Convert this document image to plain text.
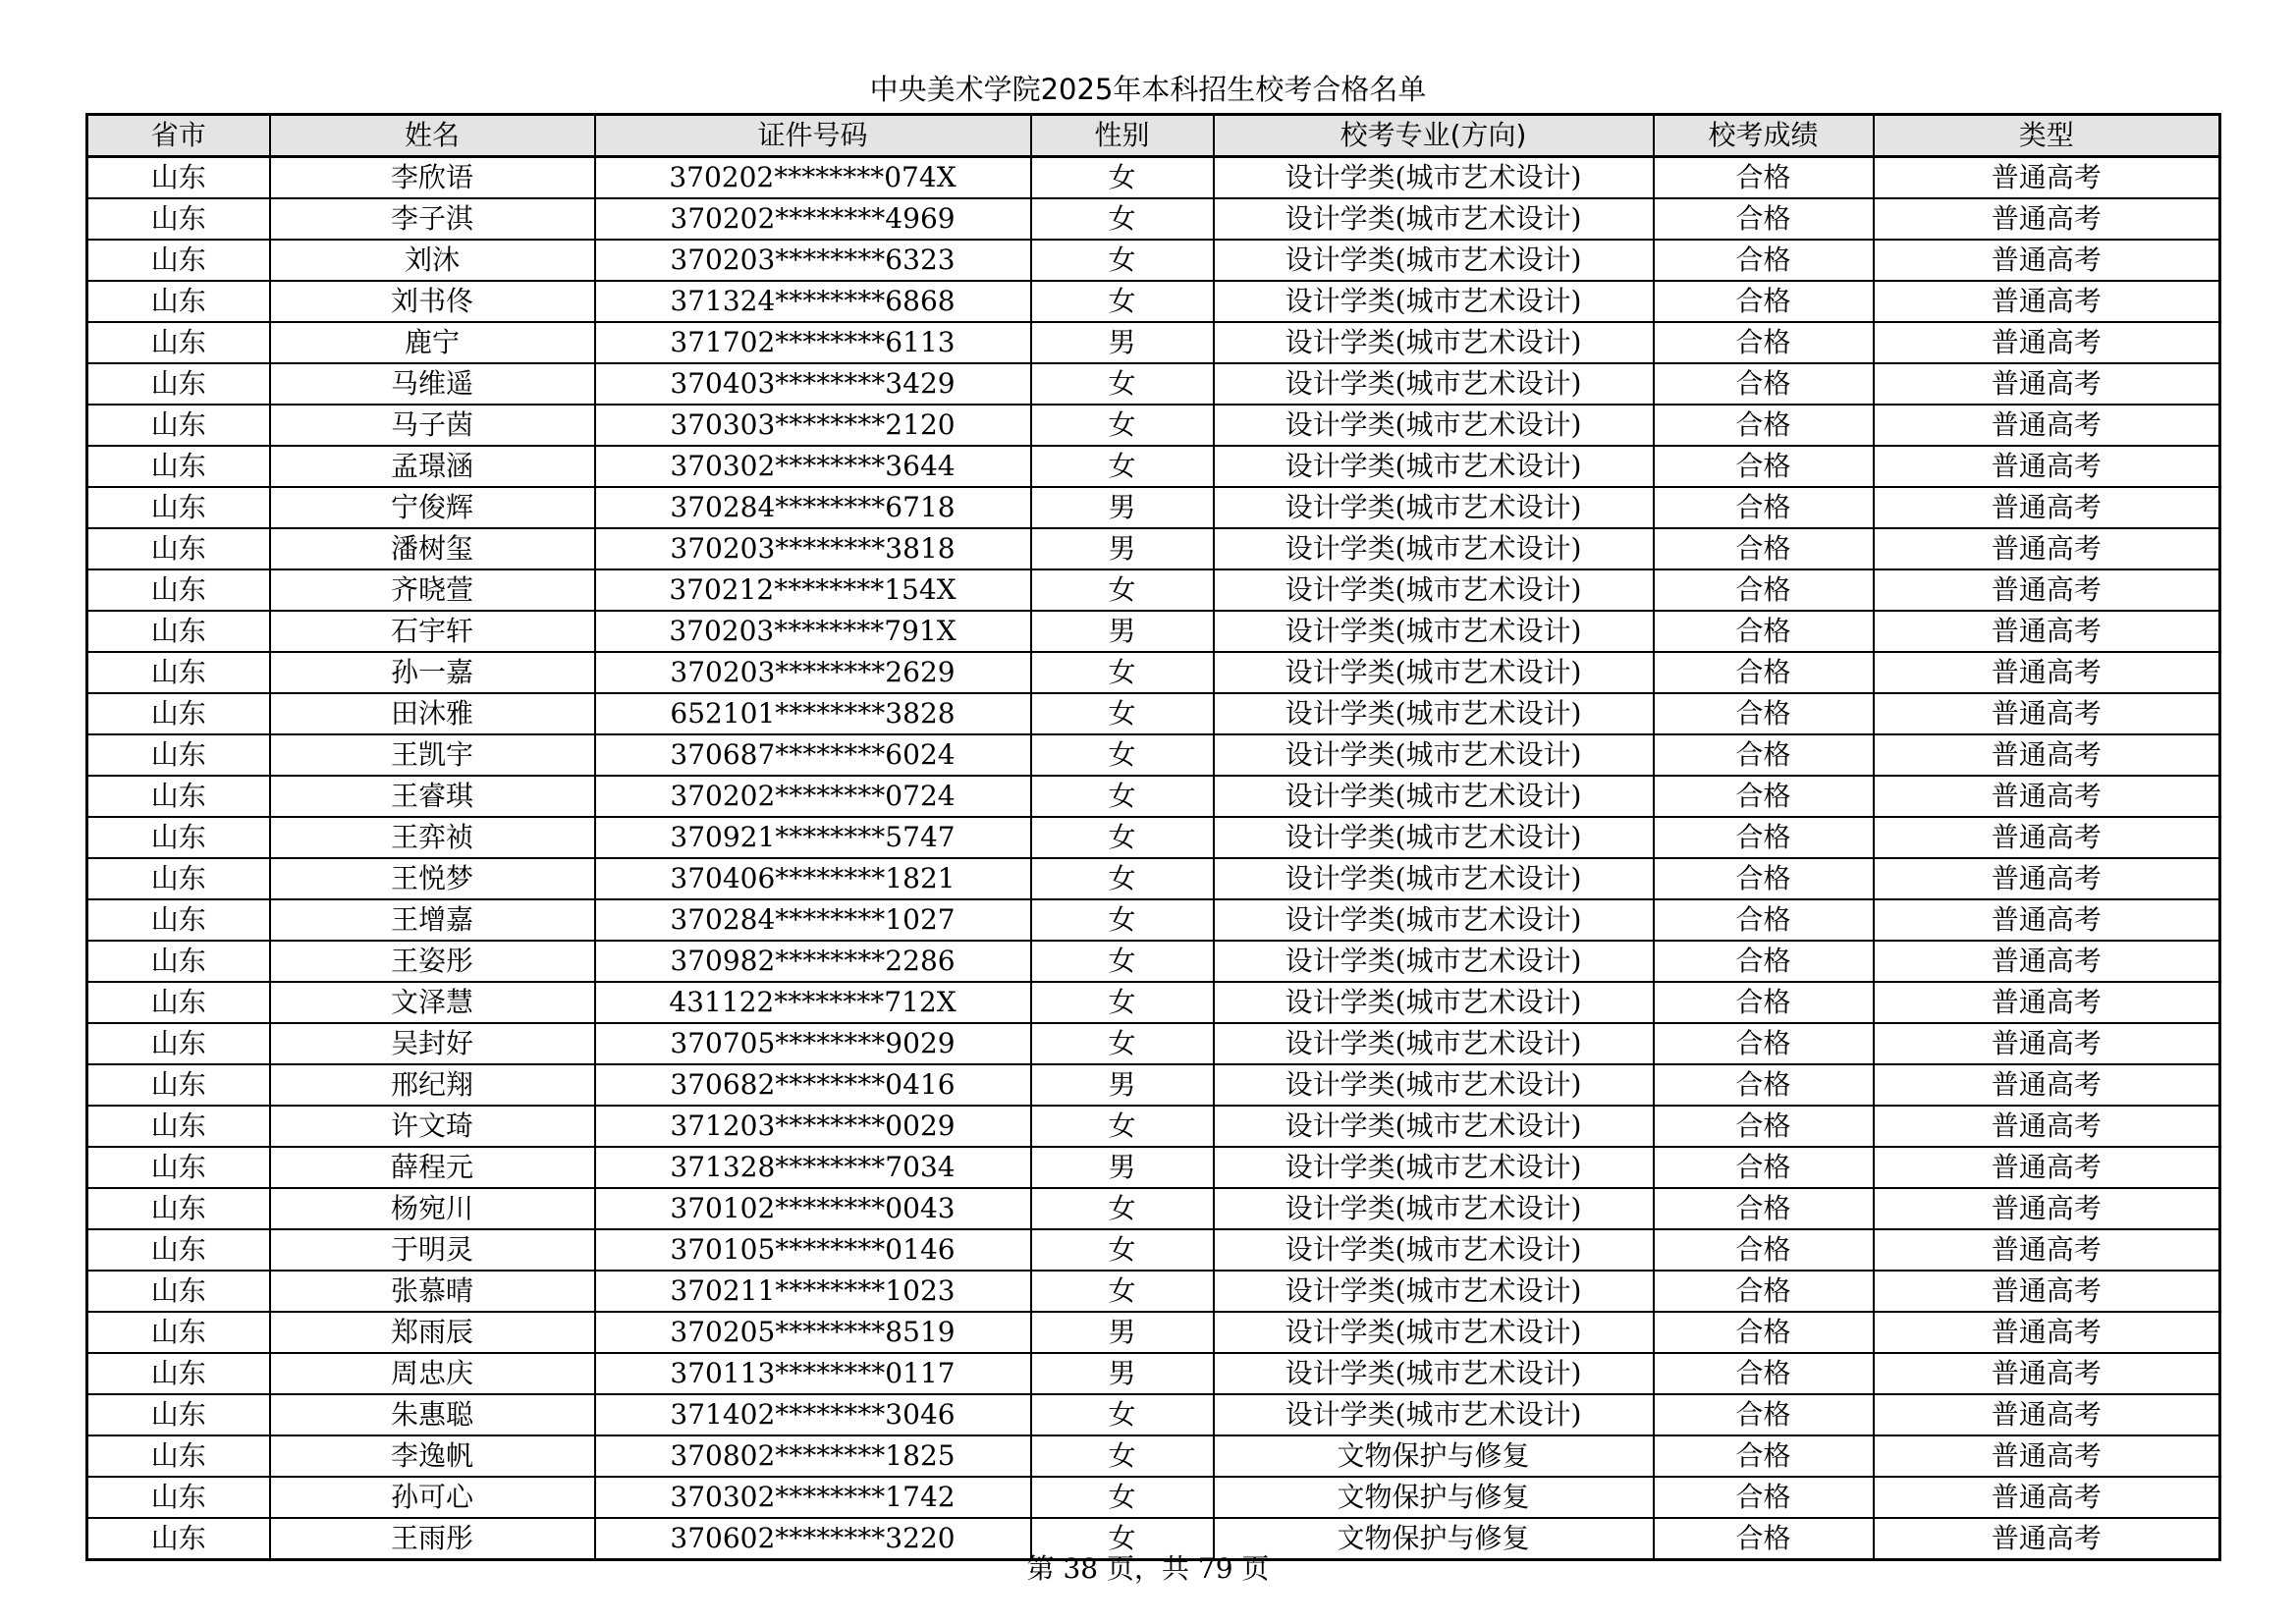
中央美术学院2025年本科招生校考合格名单
省市	姓名	证件号码	性别	校考专业(方向)	校考成绩	类型
山东	李欣语	370202********074X	女	设计学类(城市艺术设计)	合格	普通高考
山东	李子淇	370202********4969	女	设计学类(城市艺术设计)	合格	普通高考
山东	刘沐	370203********6323	女	设计学类(城市艺术设计)	合格	普通高考
山东	刘书佟	371324********6868	女	设计学类(城市艺术设计)	合格	普通高考
山东	鹿宁	371702********6113	男	设计学类(城市艺术设计)	合格	普通高考
山东	马维遥	370403********3429	女	设计学类(城市艺术设计)	合格	普通高考
山东	马子茵	370303********2120	女	设计学类(城市艺术设计)	合格	普通高考
山东	孟璟涵	370302********3644	女	设计学类(城市艺术设计)	合格	普通高考
山东	宁俊辉	370284********6718	男	设计学类(城市艺术设计)	合格	普通高考
山东	潘树玺	370203********3818	男	设计学类(城市艺术设计)	合格	普通高考
山东	齐晓萱	370212********154X	女	设计学类(城市艺术设计)	合格	普通高考
山东	石宇轩	370203********791X	男	设计学类(城市艺术设计)	合格	普通高考
山东	孙一嘉	370203********2629	女	设计学类(城市艺术设计)	合格	普通高考
山东	田沐雅	652101********3828	女	设计学类(城市艺术设计)	合格	普通高考
山东	王凯宇	370687********6024	女	设计学类(城市艺术设计)	合格	普通高考
山东	王睿琪	370202********0724	女	设计学类(城市艺术设计)	合格	普通高考
山东	王弈祯	370921********5747	女	设计学类(城市艺术设计)	合格	普通高考
山东	王悦梦	370406********1821	女	设计学类(城市艺术设计)	合格	普通高考
山东	王增嘉	370284********1027	女	设计学类(城市艺术设计)	合格	普通高考
山东	王姿彤	370982********2286	女	设计学类(城市艺术设计)	合格	普通高考
山东	文泽慧	431122********712X	女	设计学类(城市艺术设计)	合格	普通高考
山东	吴封好	370705********9029	女	设计学类(城市艺术设计)	合格	普通高考
山东	邢纪翔	370682********0416	男	设计学类(城市艺术设计)	合格	普通高考
山东	许文琦	371203********0029	女	设计学类(城市艺术设计)	合格	普通高考
山东	薛程元	371328********7034	男	设计学类(城市艺术设计)	合格	普通高考
山东	杨宛川	370102********0043	女	设计学类(城市艺术设计)	合格	普通高考
山东	于明灵	370105********0146	女	设计学类(城市艺术设计)	合格	普通高考
山东	张慕晴	370211********1023	女	设计学类(城市艺术设计)	合格	普通高考
山东	郑雨辰	370205********8519	男	设计学类(城市艺术设计)	合格	普通高考
山东	周忠庆	370113********0117	男	设计学类(城市艺术设计)	合格	普通高考
山东	朱惠聪	371402********3046	女	设计学类(城市艺术设计)	合格	普通高考
山东	李逸帆	370802********1825	女	文物保护与修复	合格	普通高考
山东	孙可心	370302********1742	女	文物保护与修复	合格	普通高考
山东	王雨彤	370602********3220	女	文物保护与修复	合格	普通高考
第 38 页，共 79 页
